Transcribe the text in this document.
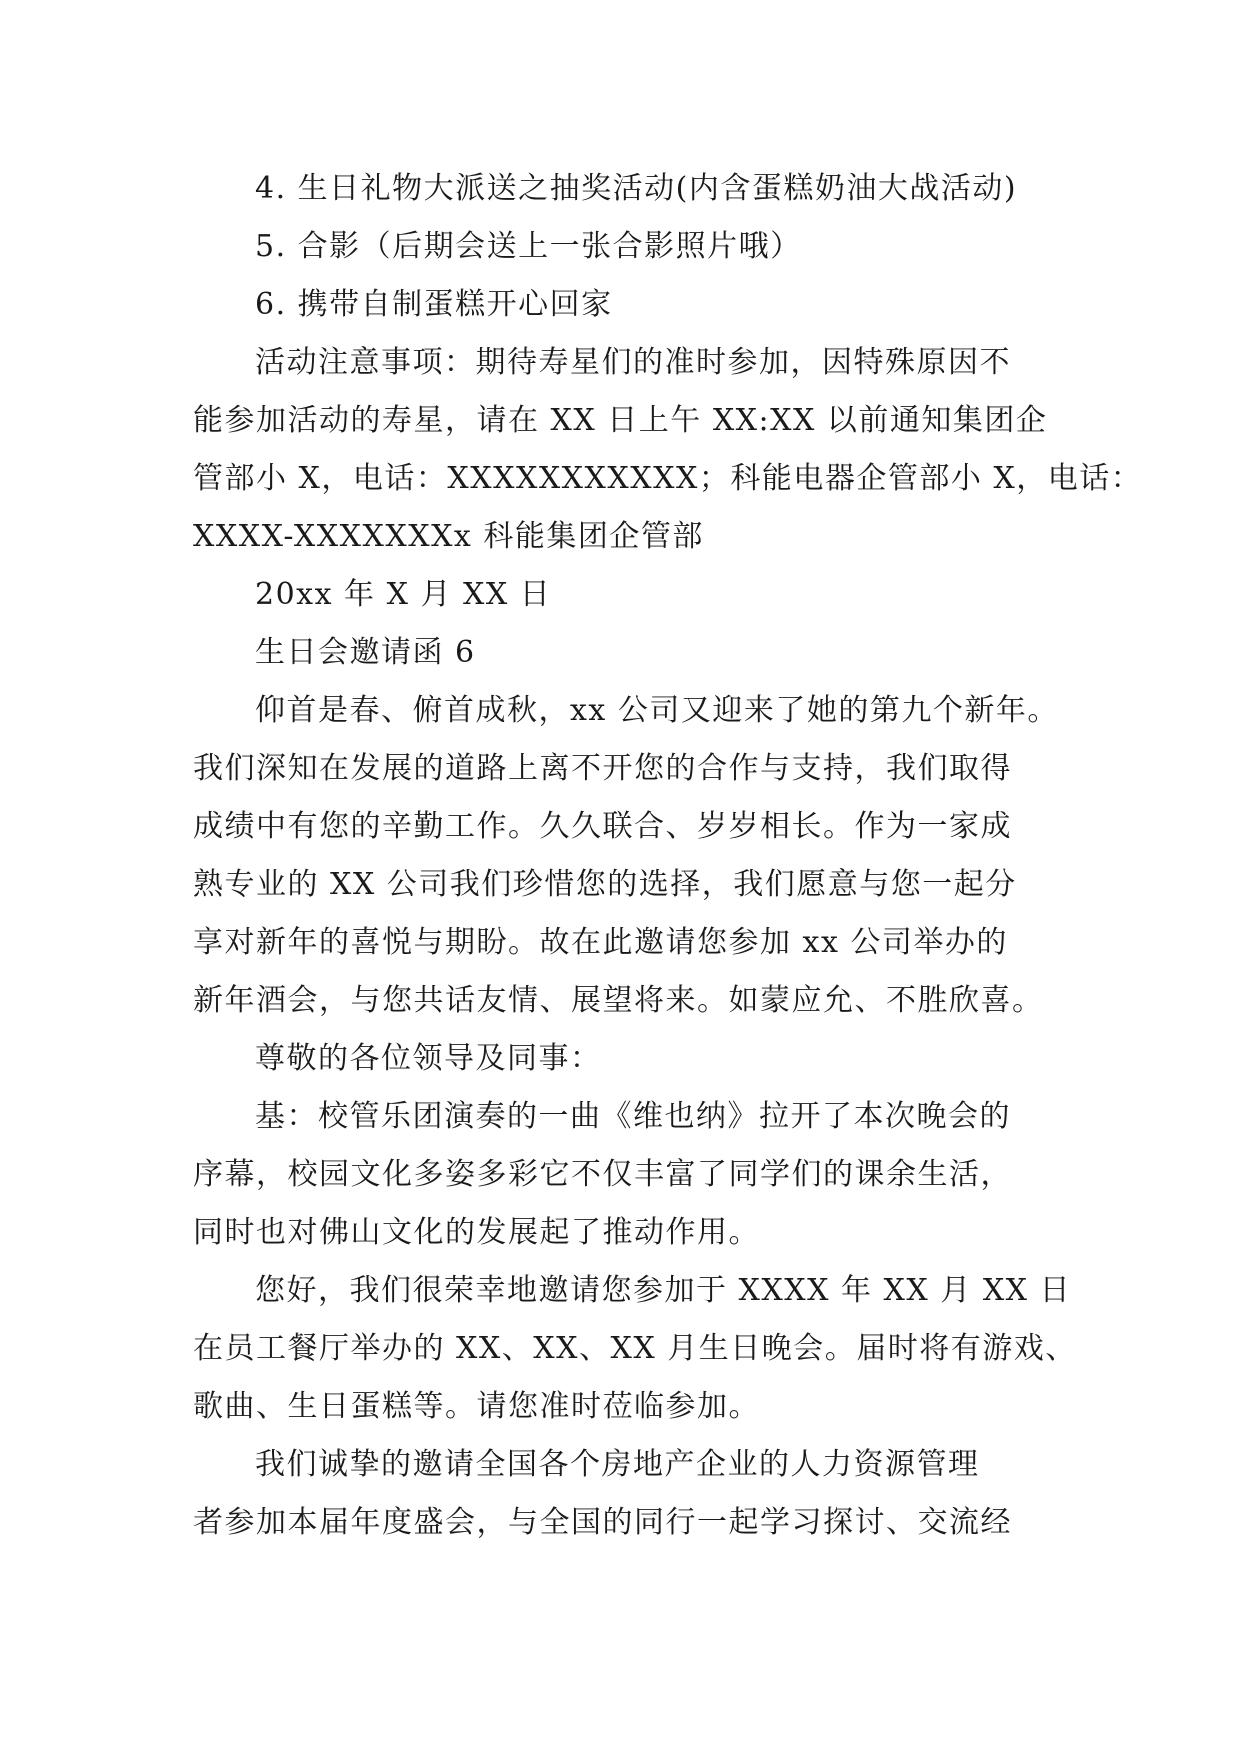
4. 生日礼物大派送之抽奖活动(内含蛋糕奶油大战活动)
5. 合影（后期会送上一张合影照片哦）
6. 携带自制蛋糕开心回家
活动注意事项：期待寿星们的准时参加，因特殊原因不
能参加活动的寿星，请在 XX 日上午 XX:XX 以前通知集团企
管部小 X，电话：XXXXXXXXXXX；科能电器企管部小 X，电话：
XXXX-XXXXXXXx 科能集团企管部
20xx 年 X 月 XX 日
生日会邀请函 6
仰首是春、俯首成秋，xx 公司又迎来了她的第九个新年。
我们深知在发展的道路上离不开您的合作与支持，我们取得
成绩中有您的辛勤工作。久久联合、岁岁相长。作为一家成
熟专业的 XX 公司我们珍惜您的选择，我们愿意与您一起分
享对新年的喜悦与期盼。故在此邀请您参加 xx 公司举办的
新年酒会，与您共话友情、展望将来。如蒙应允、不胜欣喜。
尊敬的各位领导及同事：
基：校管乐团演奏的一曲《维也纳》拉开了本次晚会的
序幕，校园文化多姿多彩它不仅丰富了同学们的课余生活，
同时也对佛山文化的发展起了推动作用。
您好，我们很荣幸地邀请您参加于 XXXX 年 XX 月 XX 日
在员工餐厅举办的 XX、XX、XX 月生日晚会。届时将有游戏、
歌曲、生日蛋糕等。请您准时莅临参加。
我们诚挚的邀请全国各个房地产企业的人力资源管理
者参加本届年度盛会，与全国的同行一起学习探讨、交流经
